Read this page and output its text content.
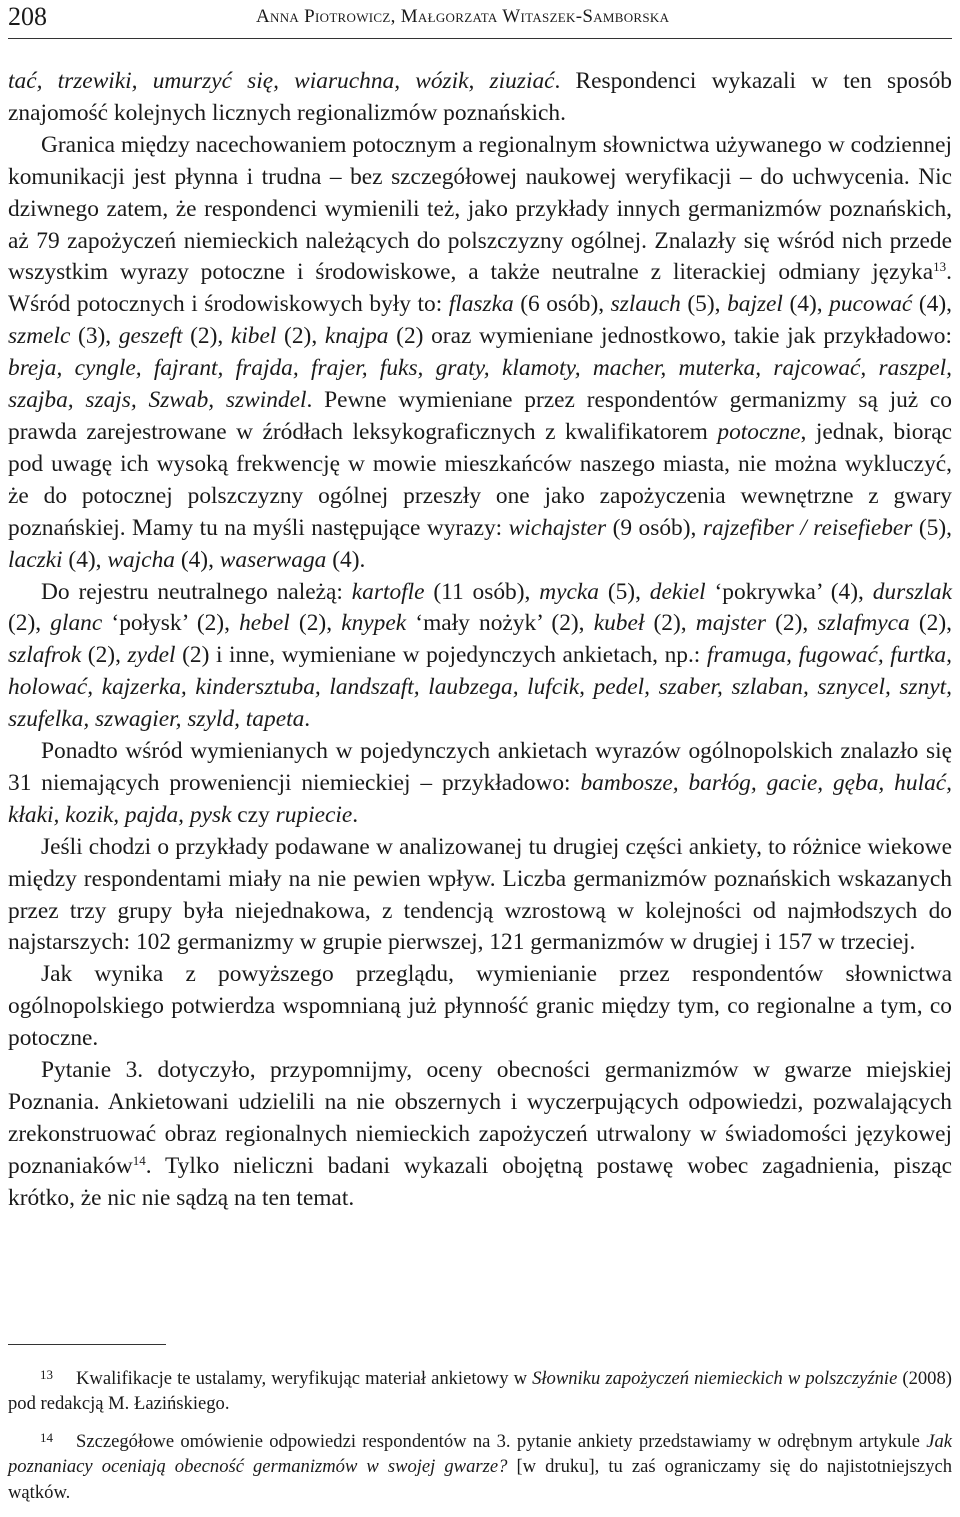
208	Anna Piotrowicz, Małgorzata Witaszek-Samborska

tać, trzewiki, umurzyć się, wiaruchna, wózik, ziuziać. Respondenci wykazali w ten sposób znajomość kolejnych licznych regionalizmów poznańskich.

Granica między nacechowaniem potocznym a regionalnym słownictwa używanego w codziennej komunikacji jest płynna i trudna – bez szczegółowej naukowej weryfikacji – do uchwycenia. Nic dziwnego zatem, że respondenci wymienili też, jako przykłady innych germanizmów poznańskich, aż 79 zapożyczeń niemieckich należących do polszczyzny ogólnej. Znalazły się wśród nich przede wszystkim wyrazy potoczne i środowiskowe, a także neutralne z literackiej odmiany języka$^{13}$. Wśród potocznych i środowiskowych były to: flaszka (6 osób), szlauch (5), bajzel (4), pucować (4), szmelc (3), geszeft (2), kibel (2), knajpa (2) oraz wymieniane jednostkowo, takie jak przykładowo: breja, cyngle, fajrant, frajda, frajer, fuks, graty, klamoty, macher, muterka, rajcować, raszpel, szajba, szajs, Szwab, szwindel. Pewne wymieniane przez respondentów germanizmy są już co prawda zarejestrowane w źródłach leksykograficznych z kwalifikatorem potoczne, jednak, biorąc pod uwagę ich wysoką frekwencję w mowie mieszkańców naszego miasta, nie można wykluczyć, że do potocznej polszczyzny ogólnej przeszły one jako zapożyczenia wewnętrzne z gwary poznańskiej. Mamy tu na myśli następujące wyrazy: wichajster (9 osób), rajzefiber / reisefieber (5), laczki (4), wajcha (4), waserwaga (4).

Do rejestru neutralnego należą: kartofle (11 osób), mycka (5), dekiel ‘pokrywka’ (4), durszlak (2), glanc ‘połysk’ (2), hebel (2), knypek ‘mały nożyk’ (2), kubeł (2), majster (2), szlafmyca (2), szlafrok (2), zydel (2) i inne, wymieniane w pojedynczych ankietach, np.: framuga, fugować, furtka, holować, kajzerka, kindersztuba, landszaft, laubzega, lufcik, pedel, szaber, szlaban, sznycel, sznyt, szufelka, szwagier, szyld, tapeta.

Ponadto wśród wymienianych w pojedynczych ankietach wyrazów ogólnopolskich znalazło się 31 niemających proweniencji niemieckiej – przykładowo: bambosze, barłóg, gacie, gęba, hulać, kłaki, kozik, pajda, pysk czy rupiecie.

Jeśli chodzi o przykłady podawane w analizowanej tu drugiej części ankiety, to różnice wiekowe między respondentami miały na nie pewien wpływ. Liczba germanizmów poznańskich wskazanych przez trzy grupy była niejednakowa, z tendencją wzrostową w kolejności od najmłodszych do najstarszych: 102 germanizmy w grupie pierwszej, 121 germanizmów w drugiej i 157 w trzeciej.

Jak wynika z powyższego przeglądu, wymienianie przez respondentów słownictwa ogólnopolskiego potwierdza wspomnianą już płynność granic między tym, co regionalne a tym, co potoczne.

Pytanie 3. dotyczyło, przypomnijmy, oceny obecności germanizmów w gwarze miejskiej Poznania. Ankietowani udzielili na nie obszernych i wyczerpujących odpowiedzi, pozwalających zrekonstruować obraz regionalnych niemieckich zapożyczeń utrwalony w świadomości językowej poznaniaków$^{14}$. Tylko nieliczni badani wykazali obojętną postawę wobec zagadnienia, pisząc krótko, że nic nie sądzą na ten temat.

13 Kwalifikacje te ustalamy, weryfikując materiał ankietowy w Słowniku zapożyczeń niemieckich w polszczyźnie (2008) pod redakcją M. Łazińskiego.

14 Szczegółowe omówienie odpowiedzi respondentów na 3. pytanie ankiety przedstawiamy w odrębnym artykule Jak poznaniacy oceniają obecność germanizmów w swojej gwarze? [w druku], tu zaś ograniczamy się do najistotniejszych wątków.
